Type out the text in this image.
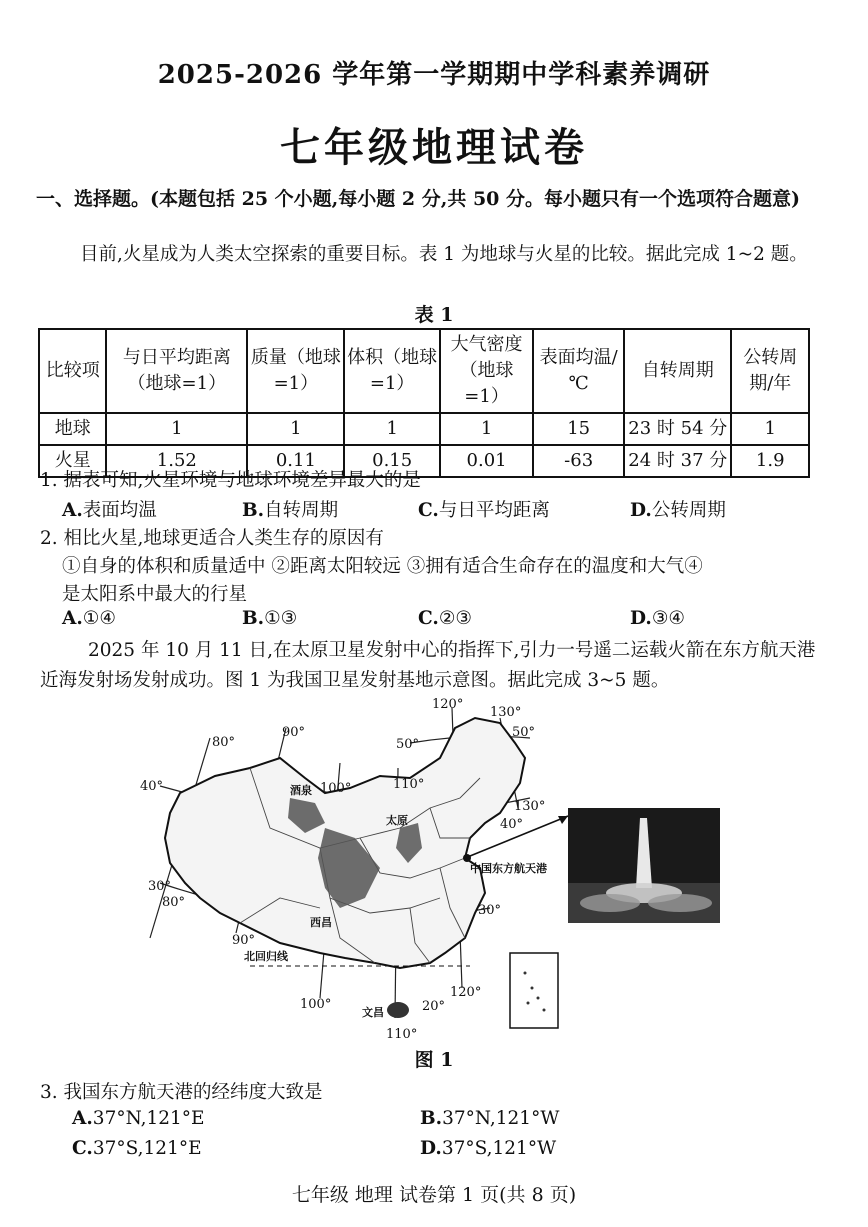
2025-2026 学年第一学期期中学科素养调研
七年级地理试卷
一、选择题。(本题包括 25 个小题,每小题 2 分,共 50 分。每小题只有一个选项符合题意)
目前,火星成为人类太空探索的重要目标。表 1 为地球与火星的比较。据此完成 1~2 题。
表 1
比较项	与日平均距离（地球=1）	质量（地球=1）	体积（地球=1）	大气密度（地球=1）	表面均温/℃	自转周期	公转周期/年
地球	1	1	1	1	15	23 时 54 分	1
火星	1.52	0.11	0.15	0.01	-63	24 时 37 分	1.9
1. 据表可知,火星环境与地球环境差异最大的是
A.表面均温	B.自转周期	C.与日平均距离	D.公转周期
2. 相比火星,地球更适合人类生存的原因有
①自身的体积和质量适中 ②距离太阳较远 ③拥有适合生命存在的温度和大气④
是太阳系中最大的行星
A.①④	B.①③	C.②③	D.③④
2025 年 10 月 11 日,在太原卫星发射中心的指挥下,引力一号遥二运载火箭在东方航天港近海发射场发射成功。图 1 为我国卫星发射基地示意图。据此完成 3~5 题。
80°
90°
100°	110°
120°
130°
90°
100°
110°
120°
40°
30°
50°
50°
40°
30°
20°
80°
130°
中国东方航天港
北回归线
文昌
酒泉
西昌
太原
图 1
3. 我国东方航天港的经纬度大致是
A.37°N,121°E	B.37°N,121°W
C.37°S,121°E	D.37°S,121°W
七年级 地理 试卷第 1 页(共 8 页)
